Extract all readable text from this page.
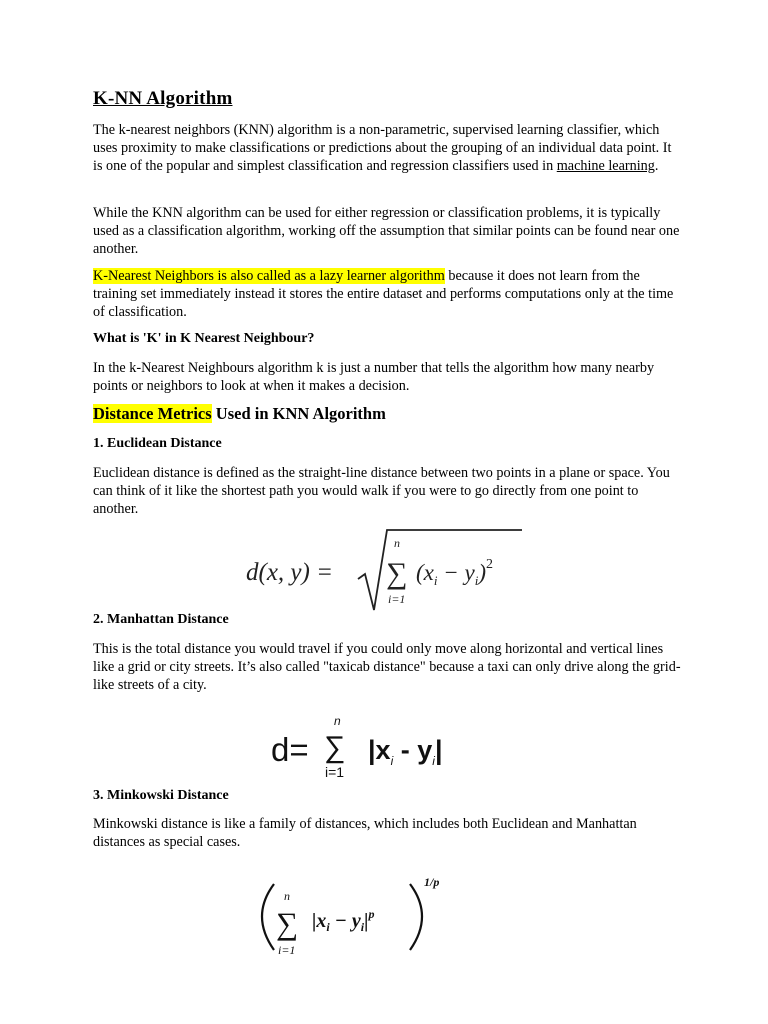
K-NN Algorithm

The k-nearest neighbors (KNN) algorithm is a non-parametric, supervised learning classifier, which uses proximity to make classifications or predictions about the grouping of an individual data point. It is one of the popular and simplest classification and regression classifiers used in machine learning.

While the KNN algorithm can be used for either regression or classification problems, it is typically used as a classification algorithm, working off the assumption that similar points can be found near one another.

K-Nearest Neighbors is also called as a lazy learner algorithm because it does not learn from the training set immediately instead it stores the entire dataset and performs computations only at the time of classification.

What is 'K' in K Nearest Neighbour?

In the k-Nearest Neighbours algorithm k is just a number that tells the algorithm how many nearby points or neighbors to look at when it makes a decision.

Distance Metrics Used in KNN Algorithm

1. Euclidean Distance

Euclidean distance is defined as the straight-line distance between two points in a plane or space. You can think of it like the shortest path you would walk if you were to go directly from one point to another.

d(x, y) =
n
∑
i=1
$(x_i - y_i)^2$

2. Manhattan Distance

This is the total distance you would travel if you could only move along horizontal and vertical lines like a grid or city streets. It’s also called "taxicab distance" because a taxi can only drive along the grid-like streets of a city.

d=
n
∑
i=1
$|x_i - y_i|$

3. Minkowski Distance

Minkowski distance is like a family of distances, which includes both Euclidean and Manhattan distances as special cases.

n
∑
i=1
$|x_i - y_i|^p$
1/p
